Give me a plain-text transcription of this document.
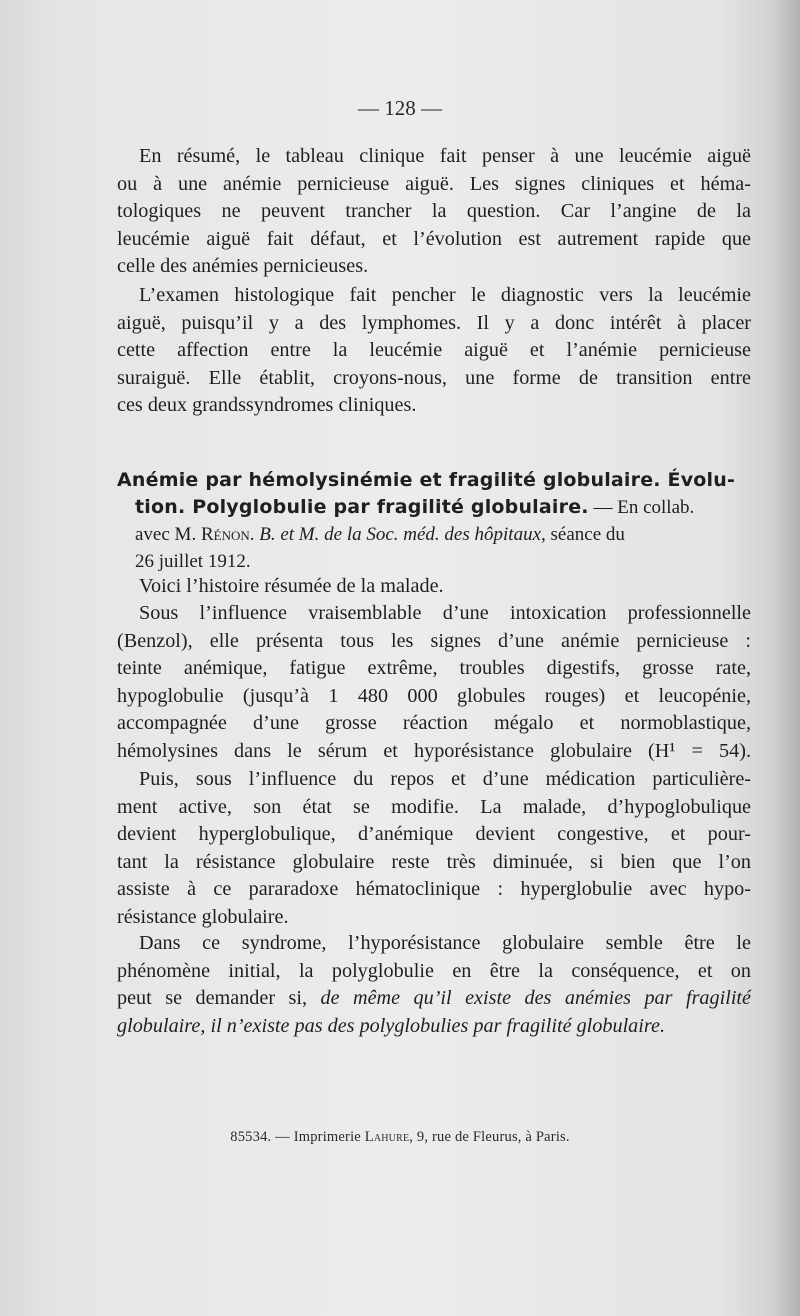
— 128 —
En résumé, le tableau clinique fait penser à une leucémie aiguë
ou à une anémie pernicieuse aiguë. Les signes cliniques et héma-
tologiques ne peuvent trancher la question. Car l’angine de la
leucémie aiguë fait défaut, et l’évolution est autrement rapide que
celle des anémies pernicieuses.
L’examen histologique fait pencher le diagnostic vers la leucémie
aiguë, puisqu’il y a des lymphomes. Il y a donc intérêt à placer
cette affection entre la leucémie aiguë et l’anémie pernicieuse
suraiguë. Elle établit, croyons-nous, une forme de transition entre
ces deux grandssyndromes cliniques.
Anémie par hémolysinémie et fragilité globulaire. Évolu-
tion. Polyglobulie par fragilité globulaire. — En collab.
avec M. Rénon. B. et M. de la Soc. méd. des hôpitaux, séance du
26 juillet 1912.
Voici l’histoire résumée de la malade.
Sous l’influence vraisemblable d’une intoxication professionnelle
(Benzol), elle présenta tous les signes d’une anémie pernicieuse :
teinte anémique, fatigue extrême, troubles digestifs, grosse rate,
hypoglobulie (jusqu’à 1 480 000 globules rouges) et leucopénie,
accompagnée d’une grosse réaction mégalo et normoblastique,
hémolysines dans le sérum et hyporésistance globulaire (H¹ = 54).
Puis, sous l’influence du repos et d’une médication particulière-
ment active, son état se modifie. La malade, d’hypoglobulique
devient hyperglobulique, d’anémique devient congestive, et pour-
tant la résistance globulaire reste très diminuée, si bien que l’on
assiste à ce pararadoxe hématoclinique : hyperglobulie avec hypo-
résistance globulaire.
Dans ce syndrome, l’hyporésistance globulaire semble être le
phénomène initial, la polyglobulie en être la conséquence, et on
peut se demander si, de même qu’il existe des anémies par fragilité
globulaire, il n’existe pas des polyglobulies par fragilité globulaire.
85534. — Imprimerie Lahure, 9, rue de Fleurus, à Paris.
